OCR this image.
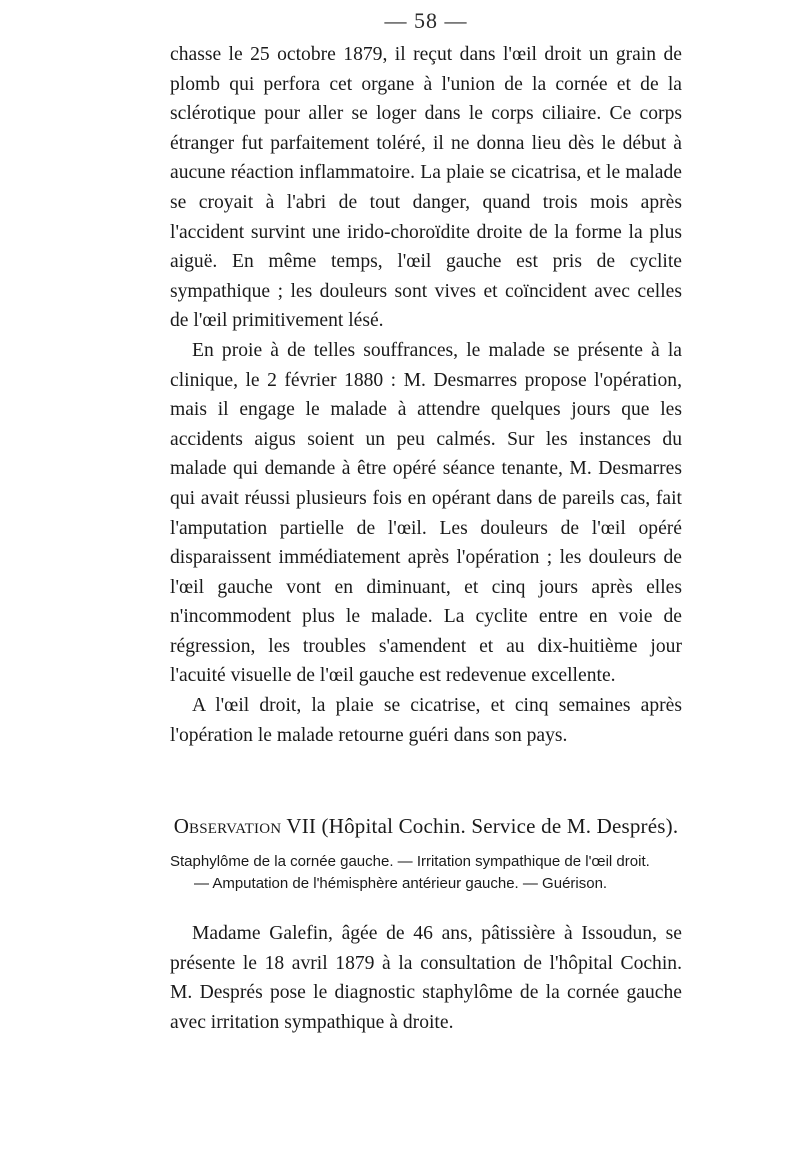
— 58 —

chasse le 25 octobre 1879, il reçut dans l'œil droit un grain de plomb qui perfora cet organe à l'union de la cornée et de la sclérotique pour aller se loger dans le corps ciliaire. Ce corps étranger fut parfaitement toléré, il ne donna lieu dès le début à aucune réaction inflammatoire. La plaie se cicatrisa, et le malade se croyait à l'abri de tout danger, quand trois mois après l'accident survint une irido-choroïdite droite de la forme la plus aiguë. En même temps, l'œil gauche est pris de cyclite sympathique ; les douleurs sont vives et coïncident avec celles de l'œil primitivement lésé.

En proie à de telles souffrances, le malade se présente à la clinique, le 2 février 1880 : M. Desmarres propose l'opération, mais il engage le malade à attendre quelques jours que les accidents aigus soient un peu calmés. Sur les instances du malade qui demande à être opéré séance tenante, M. Desmarres qui avait réussi plusieurs fois en opérant dans de pareils cas, fait l'amputation partielle de l'œil. Les douleurs de l'œil opéré disparaissent immédiatement après l'opération ; les douleurs de l'œil gauche vont en diminuant, et cinq jours après elles n'incommodent plus le malade. La cyclite entre en voie de régression, les troubles s'amendent et au dix-huitième jour l'acuité visuelle de l'œil gauche est redevenue excellente.

A l'œil droit, la plaie se cicatrise, et cinq semaines après l'opération le malade retourne guéri dans son pays.

Observation VII (Hôpital Cochin. Service de M. Després).
Staphylôme de la cornée gauche. — Irritation sympathique de l'œil droit.
— Amputation de l'hémisphère antérieur gauche. — Guérison.

Madame Galefin, âgée de 46 ans, pâtissière à Issoudun, se présente le 18 avril 1879 à la consultation de l'hôpital Cochin. M. Després pose le diagnostic staphylôme de la cornée gauche avec irritation sympathique à droite.
